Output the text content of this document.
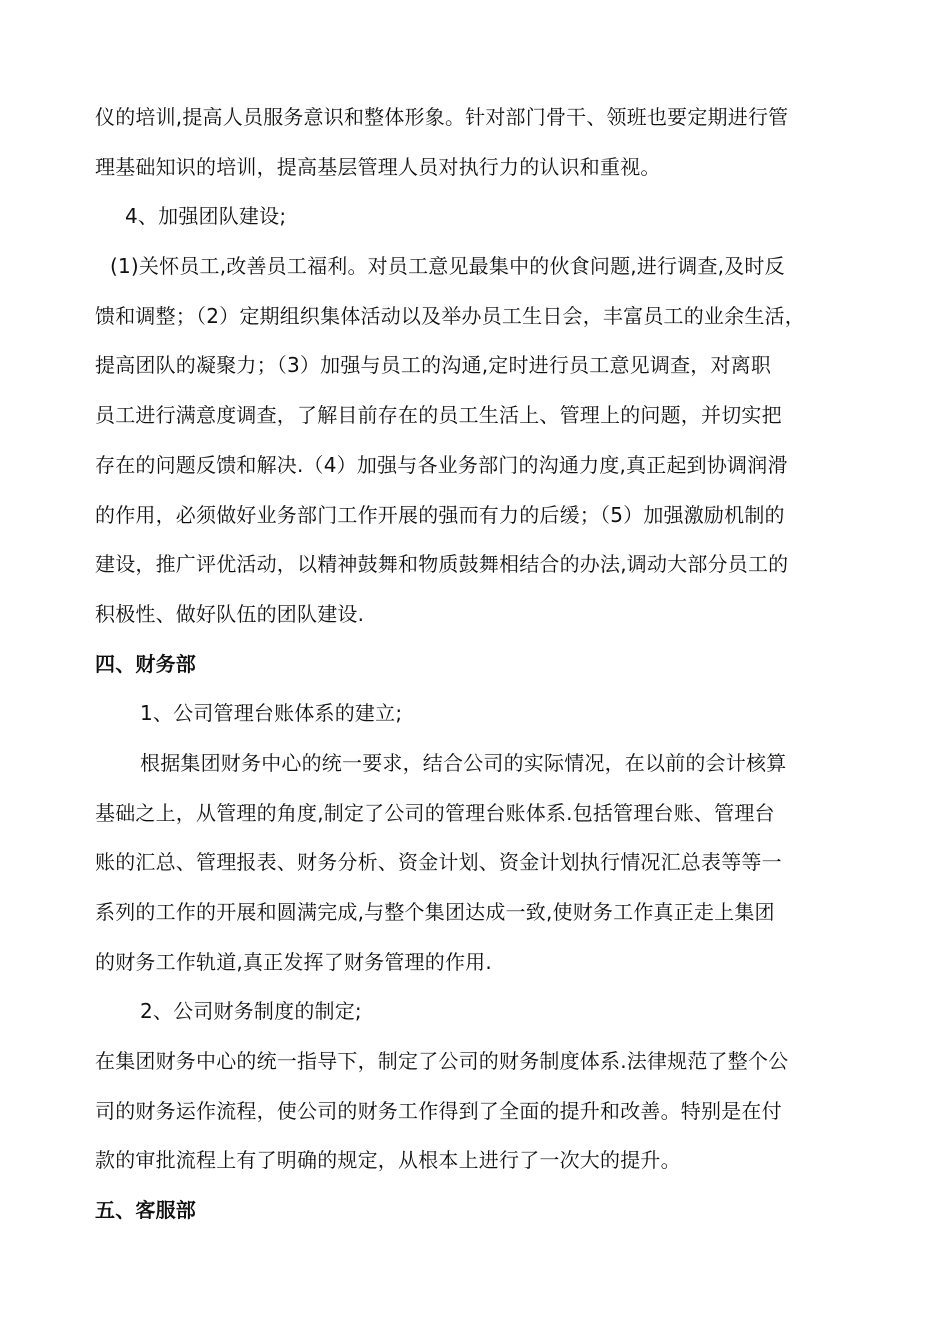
仪的培训,提高人员服务意识和整体形象。针对部门骨干、领班也要定期进行管
理基础知识的培训，提高基层管理人员对执行力的认识和重视。
4、加强团队建设;
(1)关怀员工,改善员工福利。对员工意见最集中的伙食问题,进行调查,及时反
馈和调整；（2）定期组织集体活动以及举办员工生日会，丰富员工的业余生活，
提高团队的凝聚力；（3）加强与员工的沟通,定时进行员工意见调查，对离职
员工进行满意度调查，了解目前存在的员工生活上、管理上的问题，并切实把
存在的问题反馈和解决.（4）加强与各业务部门的沟通力度,真正起到协调润滑
的作用，必须做好业务部门工作开展的强而有力的后缓；（5）加强激励机制的
建设，推广评优活动，以精神鼓舞和物质鼓舞相结合的办法,调动大部分员工的
积极性、做好队伍的团队建设.
四、财务部
1、公司管理台账体系的建立;
根据集团财务中心的统一要求，结合公司的实际情况，在以前的会计核算
基础之上，从管理的角度,制定了公司的管理台账体系.包括管理台账、管理台
账的汇总、管理报表、财务分析、资金计划、资金计划执行情况汇总表等等一
系列的工作的开展和圆满完成,与整个集团达成一致,使财务工作真正走上集团
的财务工作轨道,真正发挥了财务管理的作用.
2、公司财务制度的制定;
在集团财务中心的统一指导下，制定了公司的财务制度体系.法律规范了整个公
司的财务运作流程，使公司的财务工作得到了全面的提升和改善。特别是在付
款的审批流程上有了明确的规定，从根本上进行了一次大的提升。
五、客服部
